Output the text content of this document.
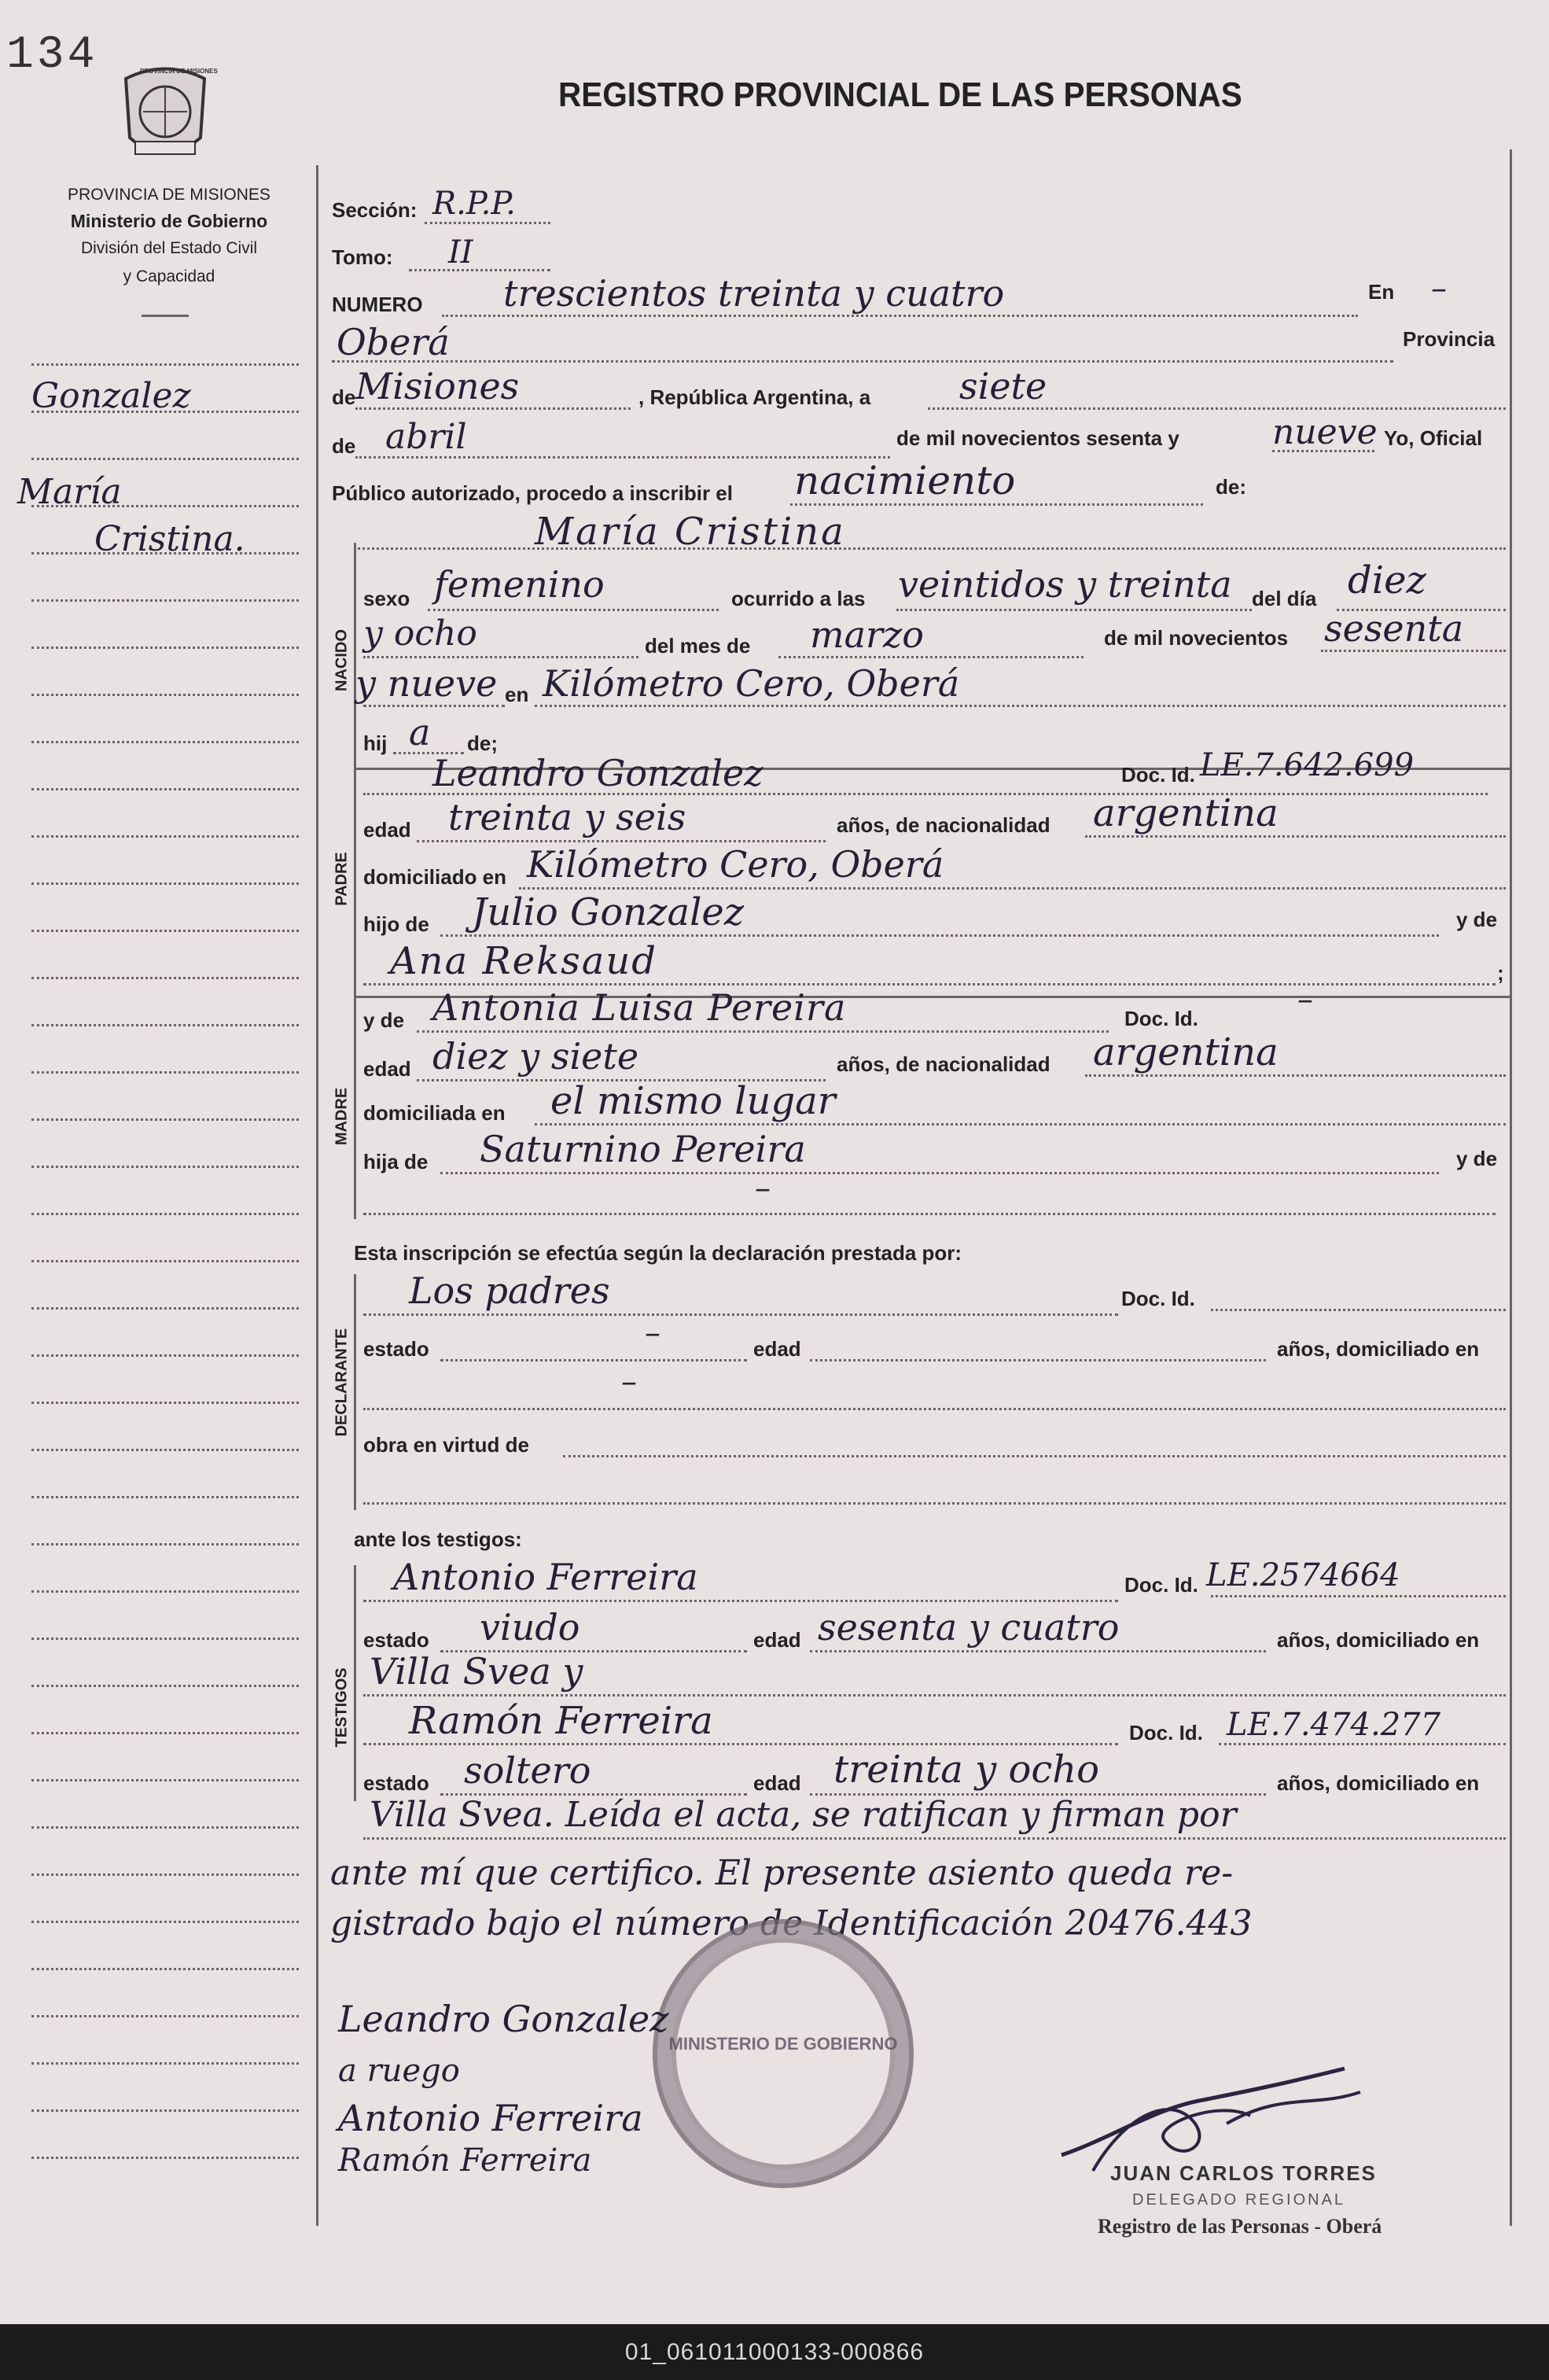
134	PROVINCIA DE MISIONES
REGISTRO PROVINCIAL DE LAS PERSONAS
PROVINCIA DE MISIONES
Ministerio de Gobierno
División del Estado Civil
y Capacidad
Gonzalez
María
Cristina.
Sección: R.P.P.
Tomo: II
NUMERO trescientos treinta y cuatro	En –
Oberá	Provincia
de Misiones	, República Argentina, a siete
de abril	de mil novecientos sesenta y	nueve Yo, Oficial
Público autorizado, procedo a inscribir el nacimiento	de:
María Cristina
NACIDO
sexo femenino	ocurrido a las veintidos y treinta del día diez
y ocho	del mes de marzo	de mil novecientos sesenta
y nueve en Kilómetro Cero, Oberá
hij a de;
PADRE
Leandro Gonzalez	Doc. Id. LE.7.642.699
edad treinta y seis	años, de nacionalidad argentina
domiciliado en Kilómetro Cero, Oberá
hijo de Julio Gonzalez	y de
Ana Reksaud	;
MADRE
y de Antonia Luisa Pereira	Doc. Id.
–
edad diez y siete	años, de nacionalidad argentina
domiciliada en el mismo lugar
hija de Saturnino Pereira	y de
–
Esta inscripción se efectúa según la declaración prestada por:
DECLARANTE
Los padres	Doc. Id.
estado	–	edad	años, domiciliado en
–
obra en virtud de
ante los testigos:
TESTIGOS
Antonio Ferreira	Doc. Id. LE.2574664
estado viudo	edad sesenta y cuatro	años, domiciliado en
Villa Svea y
Ramón Ferreira	Doc. Id. LE.7.474.277
estado soltero	edad treinta y ocho	años, domiciliado en
Villa Svea. Leída el acta, se ratifican y firman por
ante mí que certifico. El presente asiento queda re-
gistrado bajo el número de Identificación 20476.443
MINISTERIO DE GOBIERNO
Leandro Gonzalez
a ruego
Antonio Ferreira
Ramón Ferreira	JUAN CARLOS TORRES
DELEGADO REGIONAL
Registro de las Personas - Oberá
01_061011000133-000866
